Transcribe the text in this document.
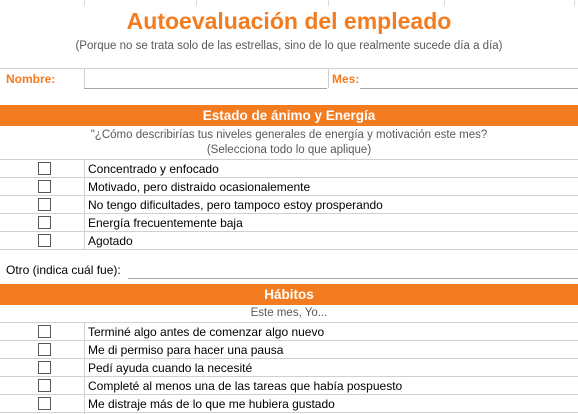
Autoevaluación del empleado
(Porque no se trata solo de las estrellas, sino de lo que realmente sucede día a día)
Nombre:	Mes:
Estado de ánimo y Energía
"¿Cómo describirías tus niveles generales de energía y motivación este mes?
(Selecciona todo lo que aplique)
Concentrado y enfocado
Motivado, pero distraido ocasionalemente
No tengo dificultades, pero tampoco estoy prosperando
Energía frecuentemente baja
Agotado
Otro (indica cuál fue):
Hábitos
Este mes, Yo...
Terminé algo antes de comenzar algo nuevo
Me di permiso para hacer una pausa
Pedí ayuda cuando la necesité
Completé al menos una de las tareas que había pospuesto
Me distraje más de lo que me hubiera gustado
